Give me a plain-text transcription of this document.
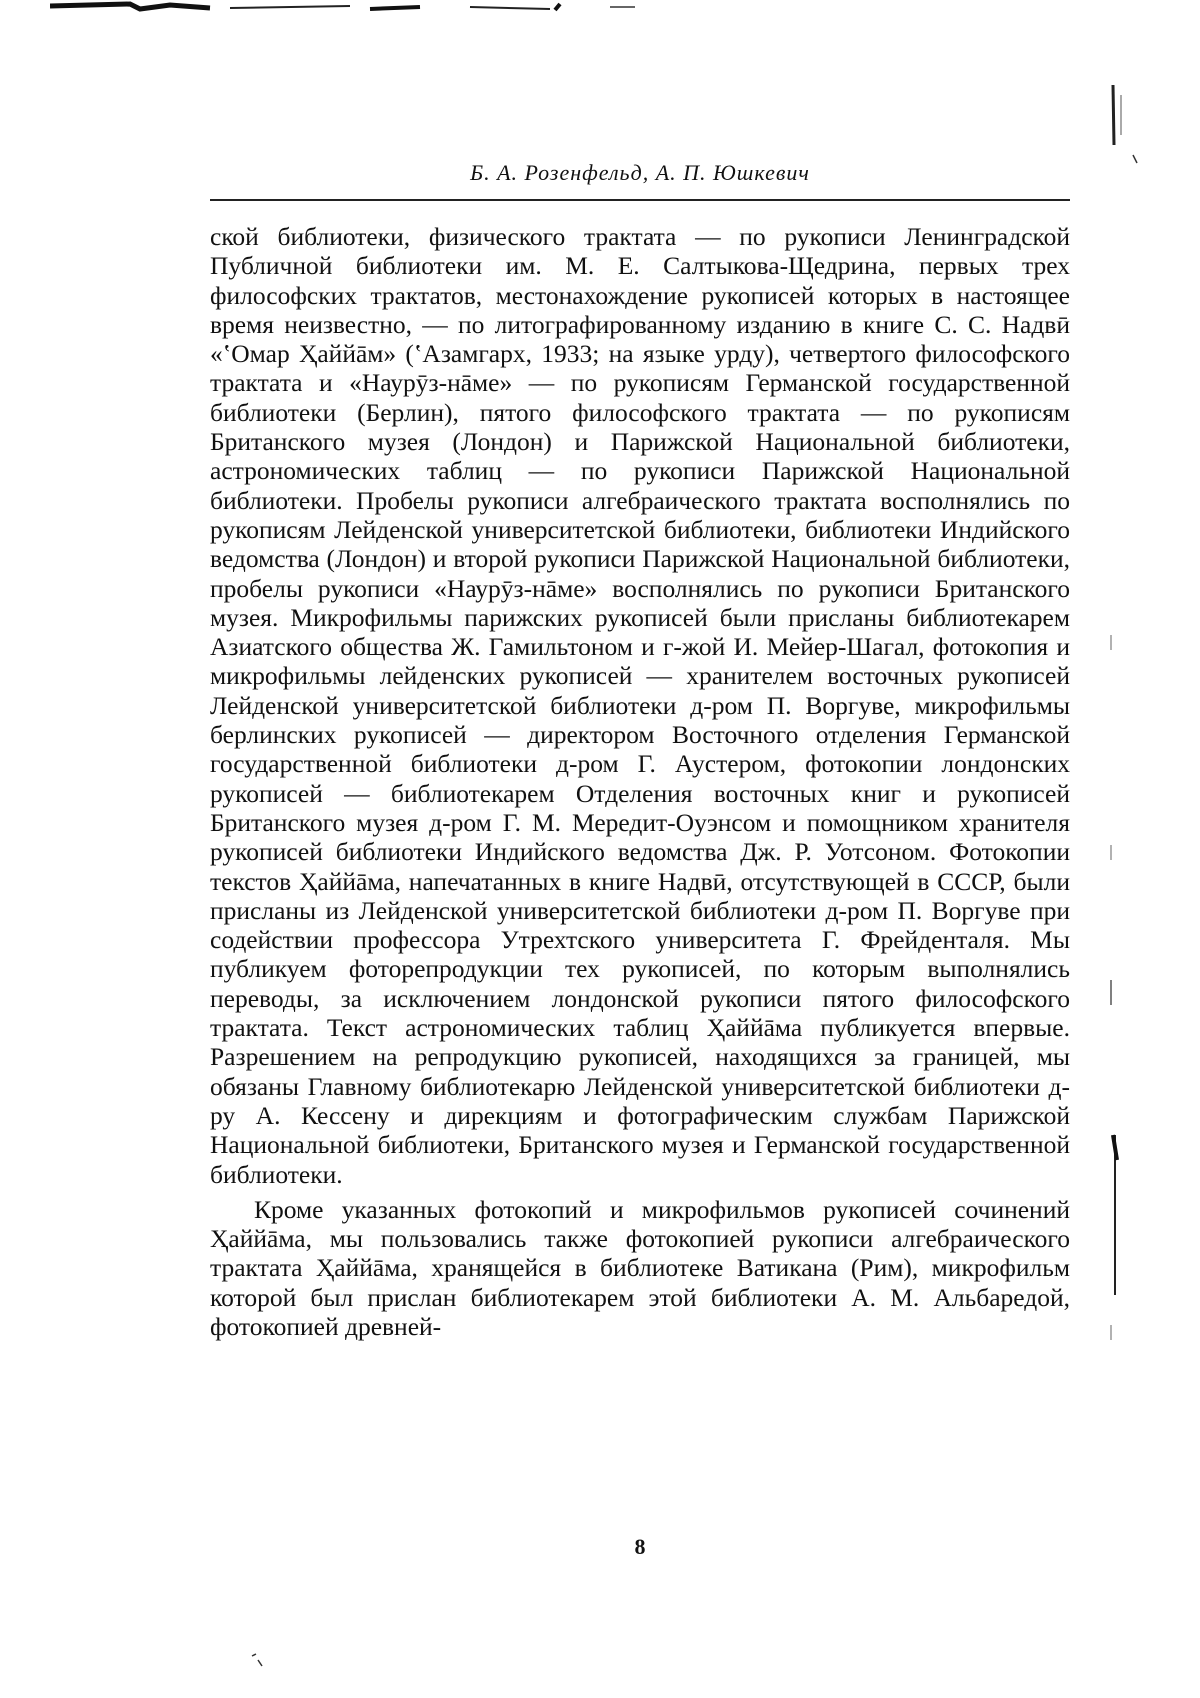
Б. А. Розенфельд, А. П. Юшкевич

ской библиотеки, физического трактата — по рукописи Ленинградской Публичной библиотеки им. М. Е. Салтыкова-Щедрина, первых трех философских трактатов, местонахождение рукописей которых в настоящее время неизвестно, — по литографированному изданию в книге С. С. Надвӣ «ʽОмар Ҳаййāм» (ʽАзамгарх, 1933; на языке урду), четвертого философского трактата и «Наурӯз-нāме» — по рукописям Германской государственной библиотеки (Берлин), пятого философского трактата — по рукописям Британского музея (Лондон) и Парижской Национальной библиотеки, астрономических таблиц — по рукописи Парижской Национальной библиотеки. Пробелы рукописи алгебраического трактата восполнялись по рукописям Лейденской университетской библиотеки, библиотеки Индийского ведомства (Лондон) и второй рукописи Парижской Национальной библиотеки, пробелы рукописи «Наурӯз-нāме» восполнялись по рукописи Британского музея. Микрофильмы парижских рукописей были присланы библиотекарем Азиатского общества Ж. Гамильтоном и г-жой И. Мейер-Шагал, фотокопия и микрофильмы лейденских рукописей — хранителем восточных рукописей Лейденской университетской библиотеки д-ром П. Воргуве, микрофильмы берлинских рукописей — директором Восточного отделения Германской государственной библиотеки д-ром Г. Аустером, фотокопии лондонских рукописей — библиотекарем Отделения восточных книг и рукописей Британского музея д-ром Г. М. Мередит-Оуэнсом и помощником хранителя рукописей библиотеки Индийского ведомства Дж. Р. Уотсоном. Фотокопии текстов Ҳаййāма, напечатанных в книге Надвӣ, отсутствующей в СССР, были присланы из Лейденской университетской библиотеки д-ром П. Воргуве при содействии профессора Утрехтского университета Г. Фрейденталя. Мы публикуем фоторепродукции тех рукописей, по которым выполнялись переводы, за исключением лондонской рукописи пятого философского трактата. Текст астрономических таблиц Ҳаййāма публикуется впервые. Разрешением на репродукцию рукописей, находящихся за границей, мы обязаны Главному библиотекарю Лейденской университетской библиотеки д-ру А. Кессену и дирекциям и фотографическим службам Парижской Национальной библиотеки, Британского музея и Германской государственной библиотеки.

Кроме указанных фотокопий и микрофильмов рукописей сочинений Ҳаййāма, мы пользовались также фотокопией рукописи алгебраического трактата Ҳаййāма, хранящейся в библиотеке Ватикана (Рим), микрофильм которой был прислан библиотекарем этой библиотеки А. М. Альбаредой, фотокопией древней-

8
